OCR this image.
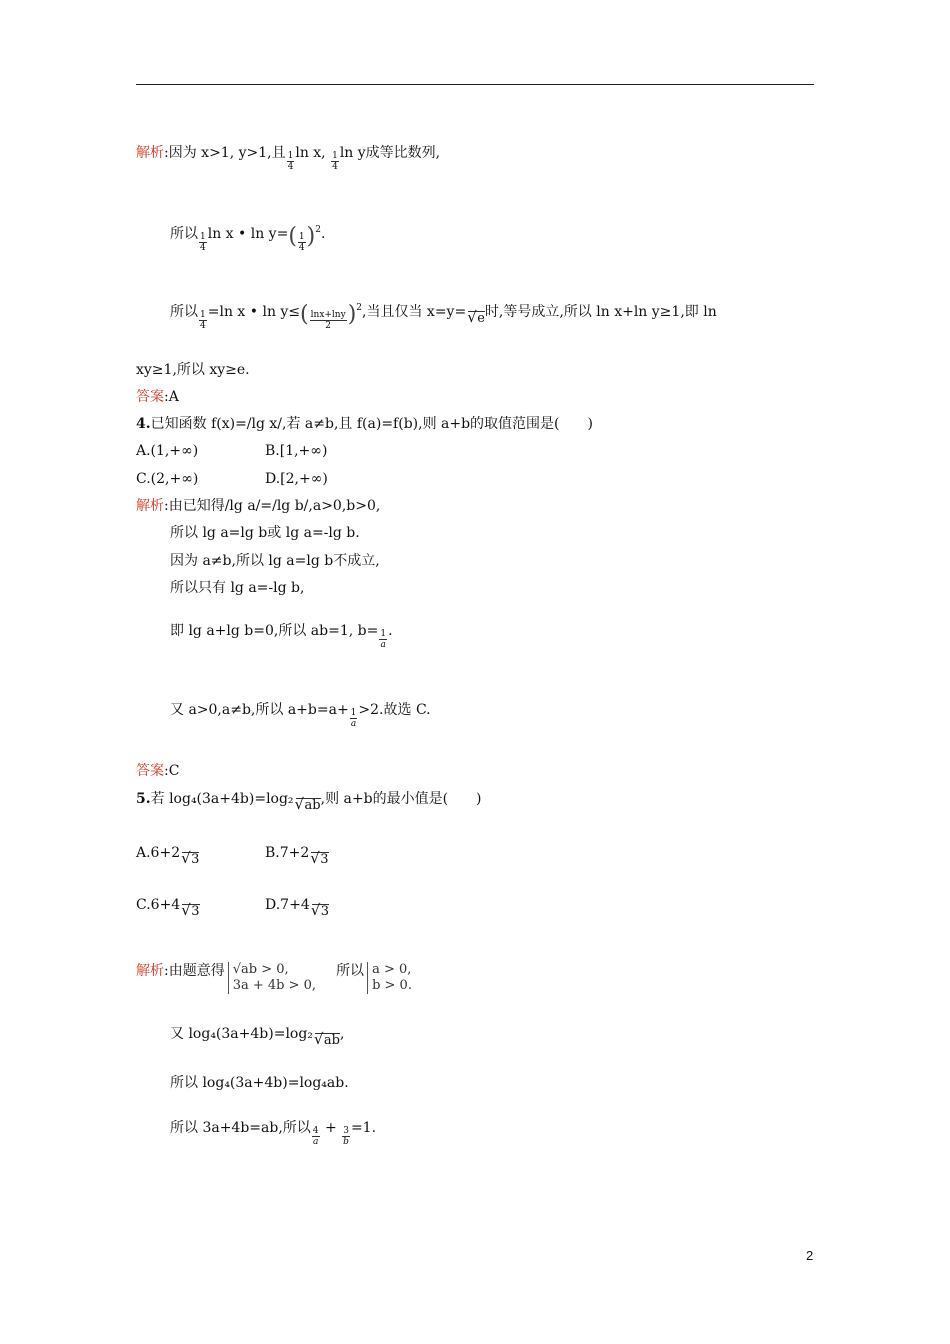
解析:因为 x>1, y>1,且 $\frac{1}{4}$ ln x, $\frac{1}{4}$ ln y成等比数列,
所以 $\frac{1}{4}$ ln x • $\ln y=( \frac{1}{4} )^2$.
所以 $\frac{1}{4} =\ln$ x • $\ln y\le( \frac{\ln x+\ln y}{2} )^2$,当且仅当 x=y= √ e时,等号成立,所以 ln x+ln y≥1,即 ln
xy≥1,所以 xy≥e.
答案:A
4.已知函数 f(x)=/lg x/,若 a≠b,且 f(a)=f(b),则 a+b的取值范围是(　　)
A.(1,+∞)	B.[1,+∞)
C.(2,+∞)	D.[2,+∞)
解析:由已知得/lg a/=/lg b/,a>0,b>0,
所以 lg a=lg b或 lg a=-lg b.
因为 a≠b,所以 lg a=lg b不成立,
所以只有 lg a=-lg b,
即 lg a+lg b=0,所以 ab=1, $b= \frac{1}{a}$ .
又 a>0,a≠b,所以 $a+b=a+ \frac{1}{a} >2$.故选 C.
答案:C
5.若 log₄(3a+4b)=log₂ √ ab,则 a+b的最小值是(　　)
A.6+2 √ 3	B.7+2 √ 3
C.6+4 √ 3	D.7+4 √ 3
解析:由题意得 √ab > 0,
3a + 4b > 0,
所以 a > 0,
b > 0.
又 log₄(3a+4b)=log₂ √ ab,
所以 log₄(3a+4b)=log₄ab.
所以 3a+4b=ab,所以 $\frac{4}{a} + \frac{3}{b} =1$.
2
